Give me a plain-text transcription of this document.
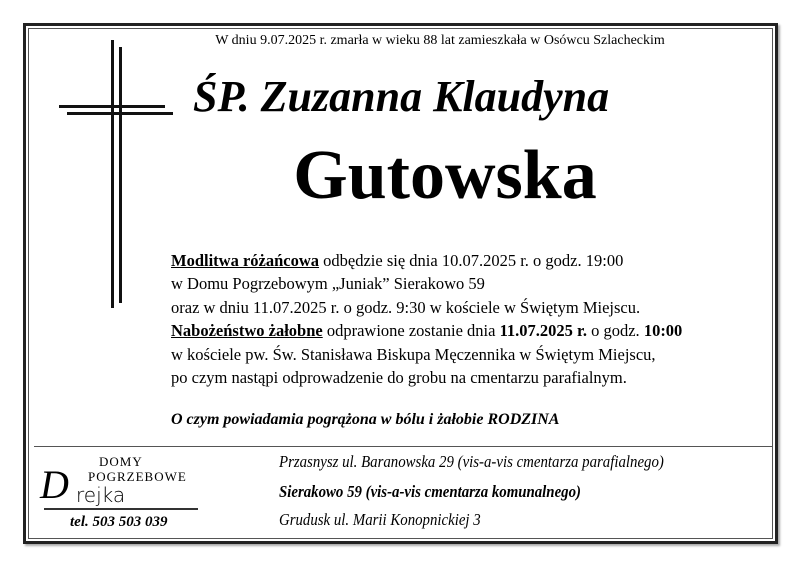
W dniu 9.07.2025 r. zmarła w wieku 88 lat zamieszkała w Osówcu Szlacheckim
ŚP. Zuzanna Klaudyna
Gutowska
Modlitwa różańcowa odbędzie się dnia 10.07.2025 r. o godz. 19:00
w Domu Pogrzebowym „Juniak” Sierakowo 59
oraz w dniu 11.07.2025 r. o godz. 9:30 w kościele w Świętym Miejscu.
Nabożeństwo żałobne odprawione zostanie dnia 11.07.2025 r. o godz. 10:00
w kościele pw. Św. Stanisława Biskupa Męczennika w Świętym Miejscu,
po czym nastąpi odprowadzenie do grobu na cmentarzu parafialnym.
O czym powiadamia pogrążona w bólu i żałobie RODZINA
DOMY
POGRZEBOWE
D rejka
tel. 503 503 039
Przasnysz ul. Baranowska 29 (vis-a-vis cmentarza parafialnego)
Sierakowo 59 (vis-a-vis cmentarza komunalnego)
Grudusk ul. Marii Konopnickiej 3
